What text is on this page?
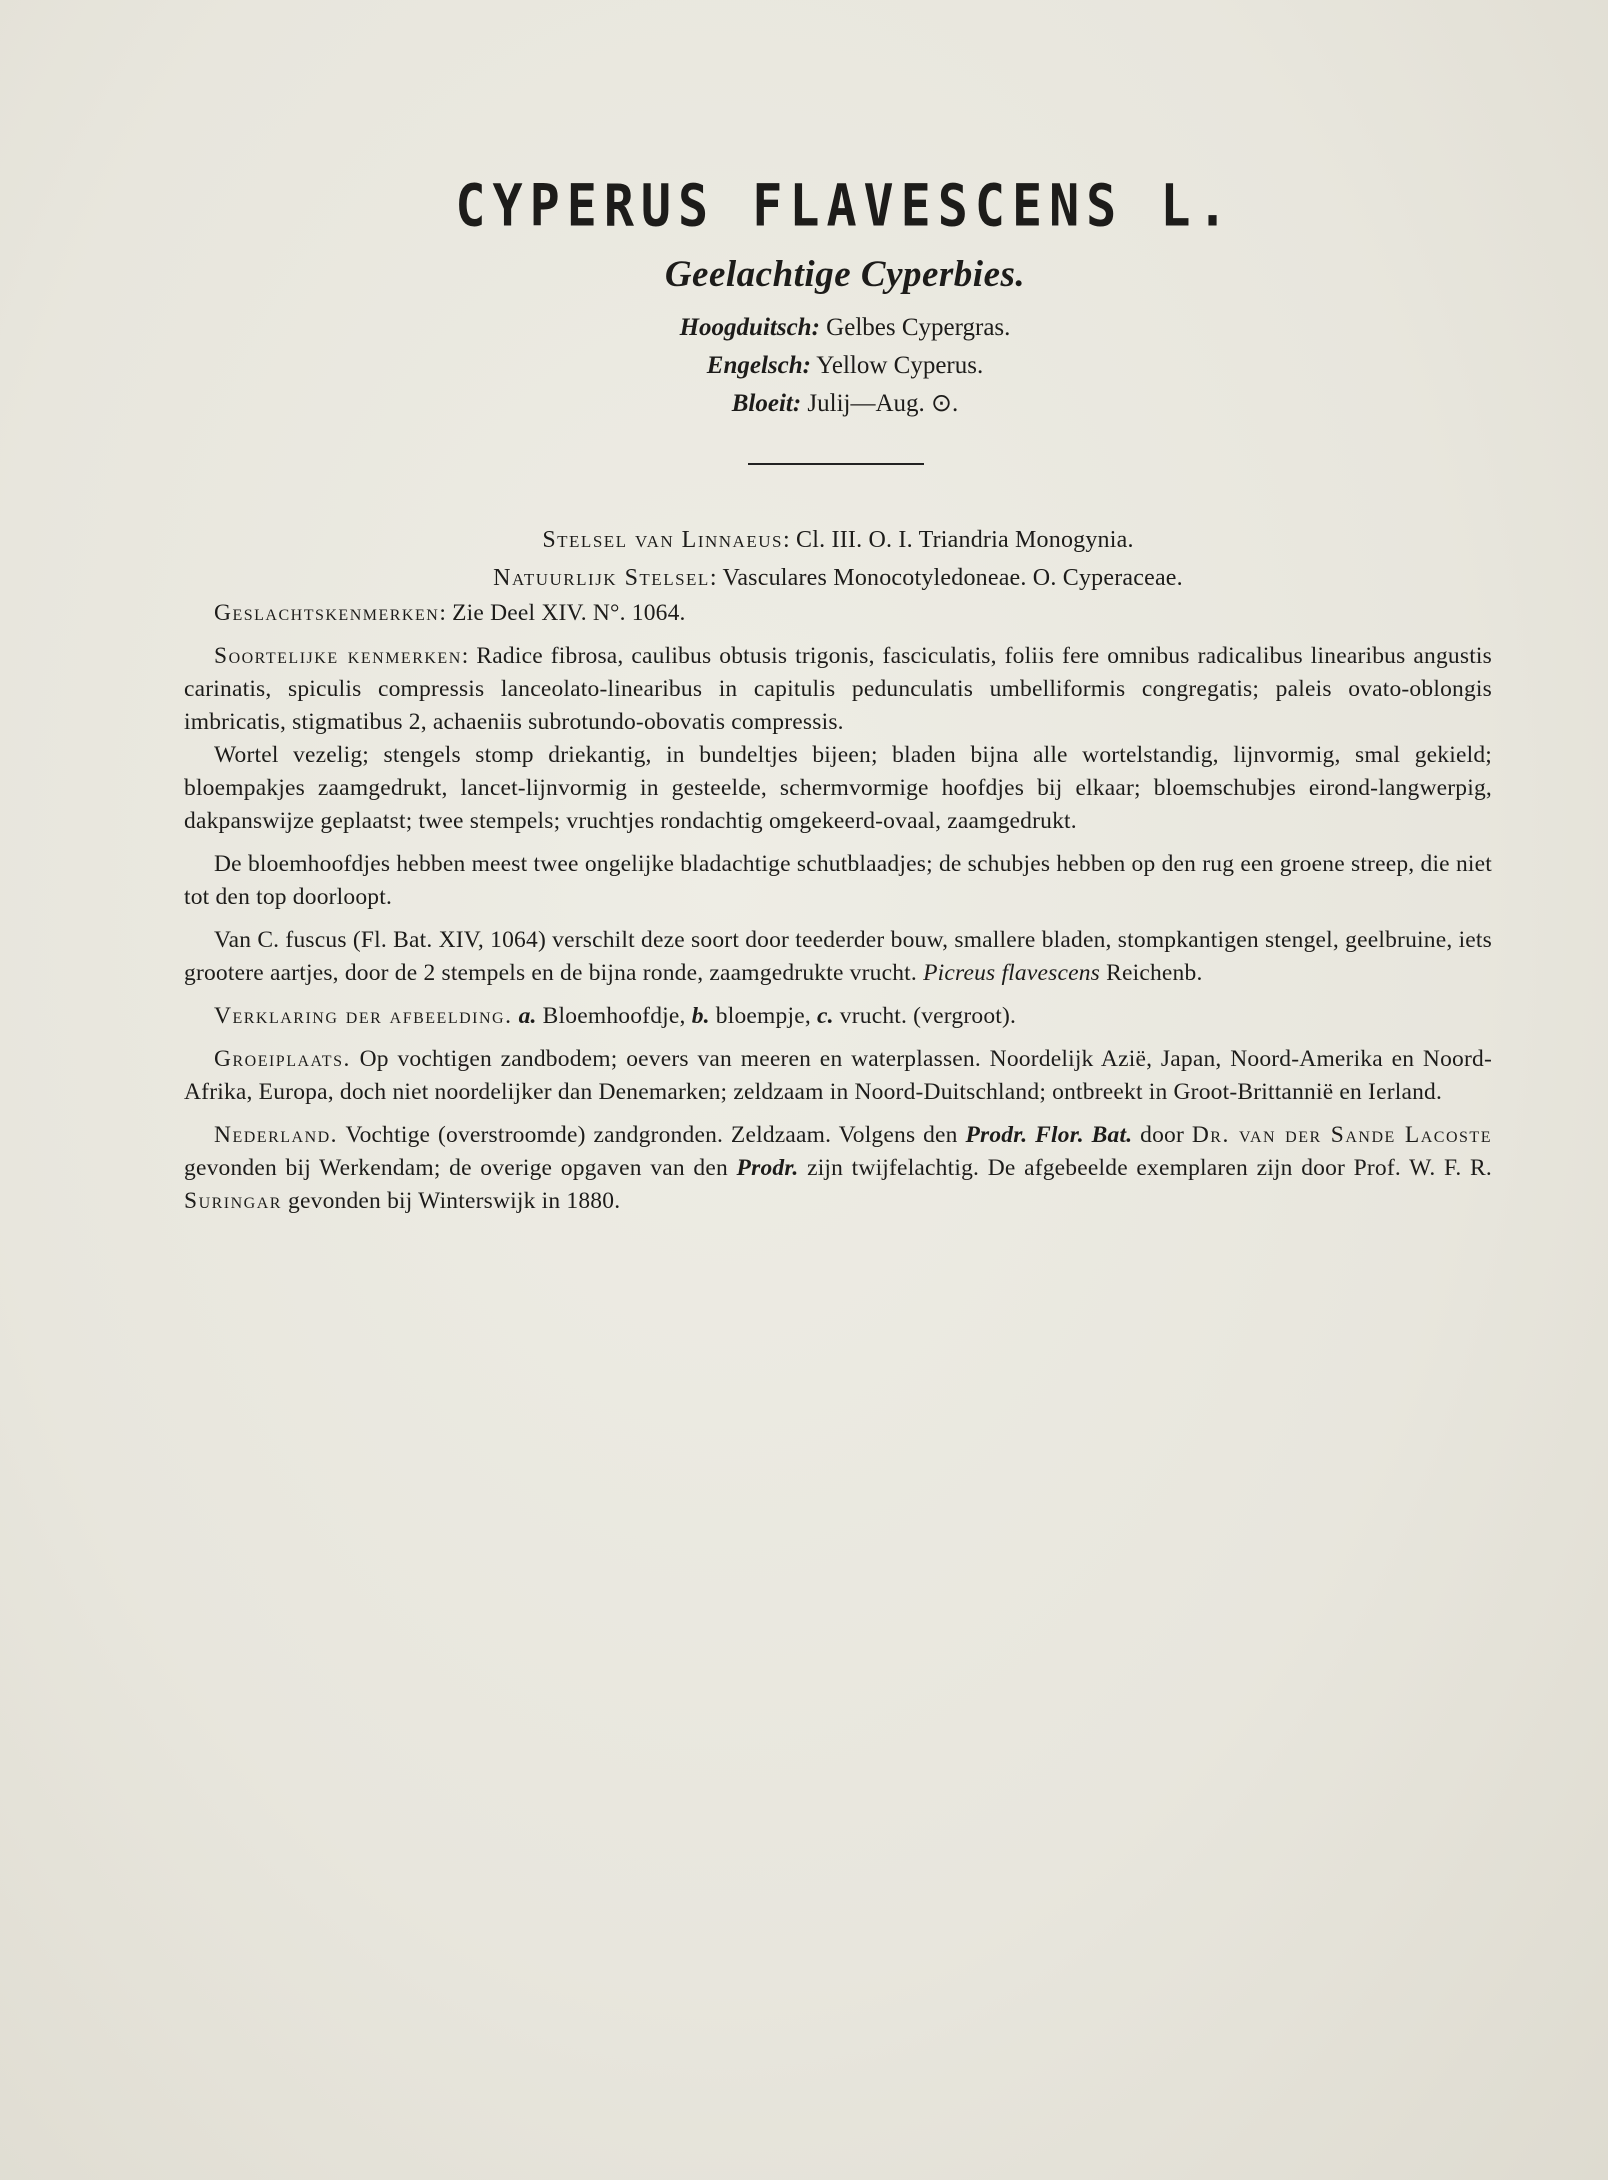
CYPERUS FLAVESCENS L.
Geelachtige Cyperbies.
Hoogduitsch: Gelbes Cypergras.
Engelsch: Yellow Cyperus.
Bloeit: Julij—Aug. ⊙.
Stelsel van Linnaeus: Cl. III. O. I. Triandria Monogynia.
Natuurlijk Stelsel: Vasculares Monocotyledoneae. O. Cyperaceae.

Geslachtskenmerken: Zie Deel XIV. N°. 1064.

Soortelijke kenmerken: Radice fibrosa, caulibus obtusis trigonis, fasciculatis, foliis fere omnibus radicalibus linearibus angustis carinatis, spiculis compressis lanceolato-linearibus in capitulis pedunculatis umbelliformis congregatis; paleis ovato-oblongis imbricatis, stigmatibus 2, achaeniis subrotundo-obovatis compressis.

Wortel vezelig; stengels stomp driekantig, in bundeltjes bijeen; bladen bijna alle wortelstandig, lijnvormig, smal gekield; bloempakjes zaamgedrukt, lancet-lijnvormig in gesteelde, schermvormige hoofdjes bij elkaar; bloemschubjes eirond-langwerpig, dakpanswijze geplaatst; twee stempels; vruchtjes rondachtig omgekeerd-ovaal, zaamgedrukt.

De bloemhoofdjes hebben meest twee ongelijke bladachtige schutblaadjes; de schubjes hebben op den rug een groene streep, die niet tot den top doorloopt.

Van C. fuscus (Fl. Bat. XIV, 1064) verschilt deze soort door teederder bouw, smallere bladen, stompkantigen stengel, geelbruine, iets grootere aartjes, door de 2 stempels en de bijna ronde, zaamgedrukte vrucht. Picreus flavescens Reichenb.

Verklaring der afbeelding. a. Bloemhoofdje, b. bloempje, c. vrucht. (vergroot).

Groeiplaats. Op vochtigen zandbodem; oevers van meeren en waterplassen. Noordelijk Azië, Japan, Noord-Amerika en Noord-Afrika, Europa, doch niet noordelijker dan Denemarken; zeldzaam in Noord-Duitschland; ontbreekt in Groot-Brittannië en Ierland.

Nederland. Vochtige (overstroomde) zandgronden. Zeldzaam. Volgens den Prodr. Flor. Bat. door Dr. van der Sande Lacoste gevonden bij Werkendam; de overige opgaven van den Prodr. zijn twijfelachtig. De afgebeelde exemplaren zijn door Prof. W. F. R. Suringar gevonden bij Winterswijk in 1880.
